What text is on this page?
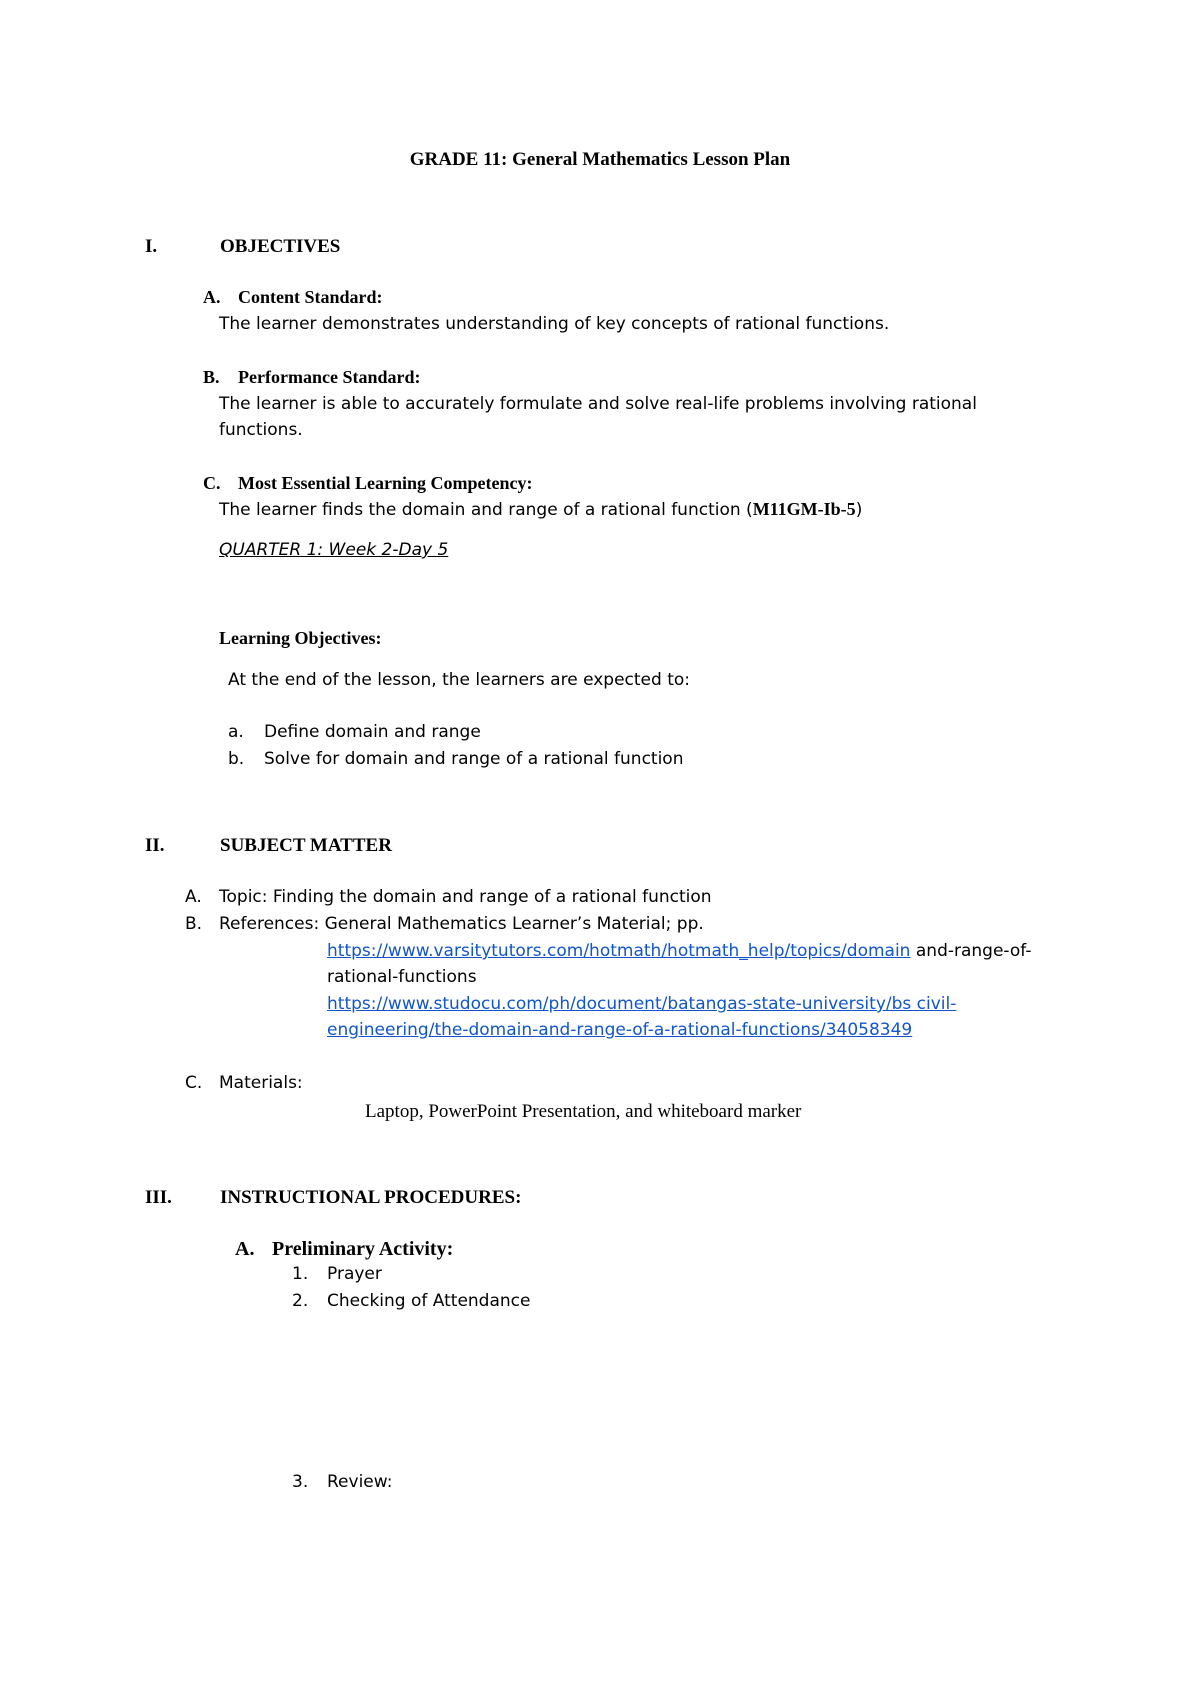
GRADE 11: General Mathematics Lesson Plan
I.	OBJECTIVES
A. Content Standard:
The learner demonstrates understanding of key concepts of rational functions.
B. Performance Standard:
The learner is able to accurately formulate and solve real-life problems involving rational
functions.
C. Most Essential Learning Competency:
The learner finds the domain and range of a rational function (M11GM-Ib-5)
QUARTER 1: Week 2-Day 5
Learning Objectives:
At the end of the lesson, the learners are expected to:
a. Define domain and range
b. Solve for domain and range of a rational function
II.	SUBJECT MATTER
A. Topic: Finding the domain and range of a rational function
B. References: General Mathematics Learner’s Material; pp.
https://www.varsitytutors.com/hotmath/hotmath_help/topics/domain and-range-of-
rational-functions
https://www.studocu.com/ph/document/batangas-state-university/bs civil-
engineering/the-domain-and-range-of-a-rational-functions/34058349
C. Materials:
Laptop, PowerPoint Presentation, and whiteboard marker
III.	INSTRUCTIONAL PROCEDURES:
A. Preliminary Activity:
1. Prayer
2. Checking of Attendance
3. Review:
